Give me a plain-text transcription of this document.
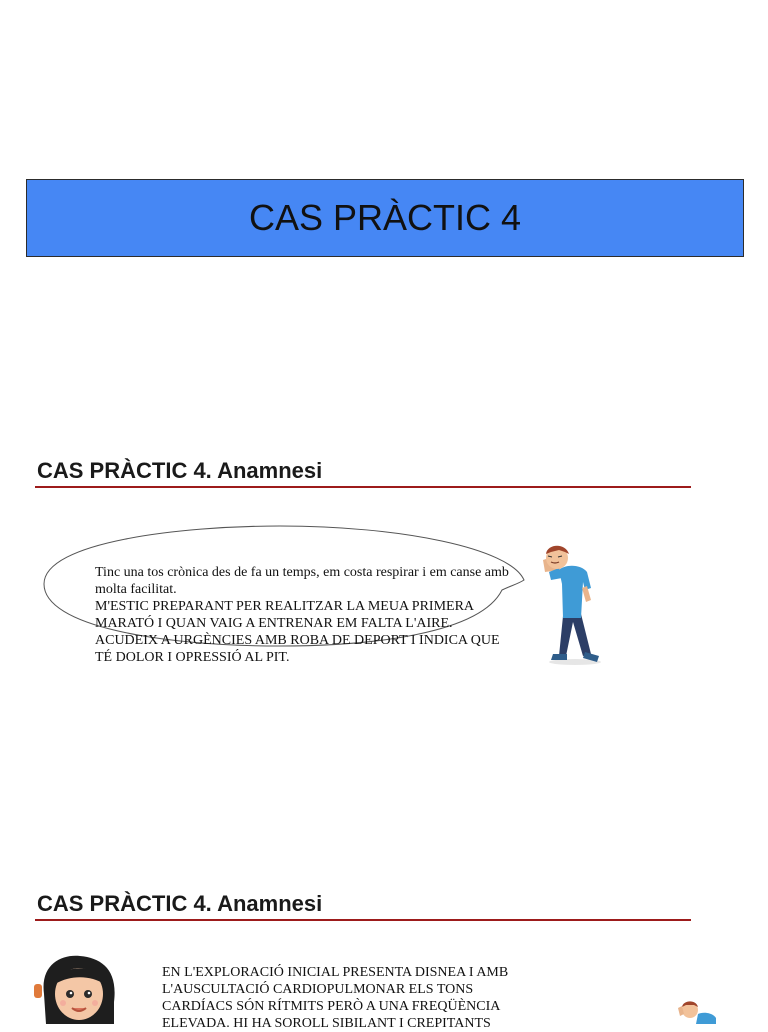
CAS PRÀCTIC 4
CAS PRÀCTIC 4. Anamnesi

Tinc una tos crònica des de fa un temps, em costa respirar i em canse amb molta facilitat.

M'ESTIC PREPARANT PER REALITZAR LA MEUA PRIMERA MARATÓ I QUAN VAIG A ENTRENAR EM FALTA L'AIRE.

ACUDEIX A URGÈNCIES AMB ROBA DE DEPORT I INDICA QUE TÉ DOLOR I OPRESSIÓ AL PIT.

CAS PRÀCTIC 4. Anamnesi

EN L'EXPLORACIÓ INICIAL PRESENTA DISNEA I AMB L'AUSCULTACIÓ CARDIOPULMONAR ELS TONS CARDÍACS SÓN RÍTMITS PERÒ A UNA FREQÜÈNCIA ELEVADA. HI HA SOROLL SIBILANT I CREPITANTS
